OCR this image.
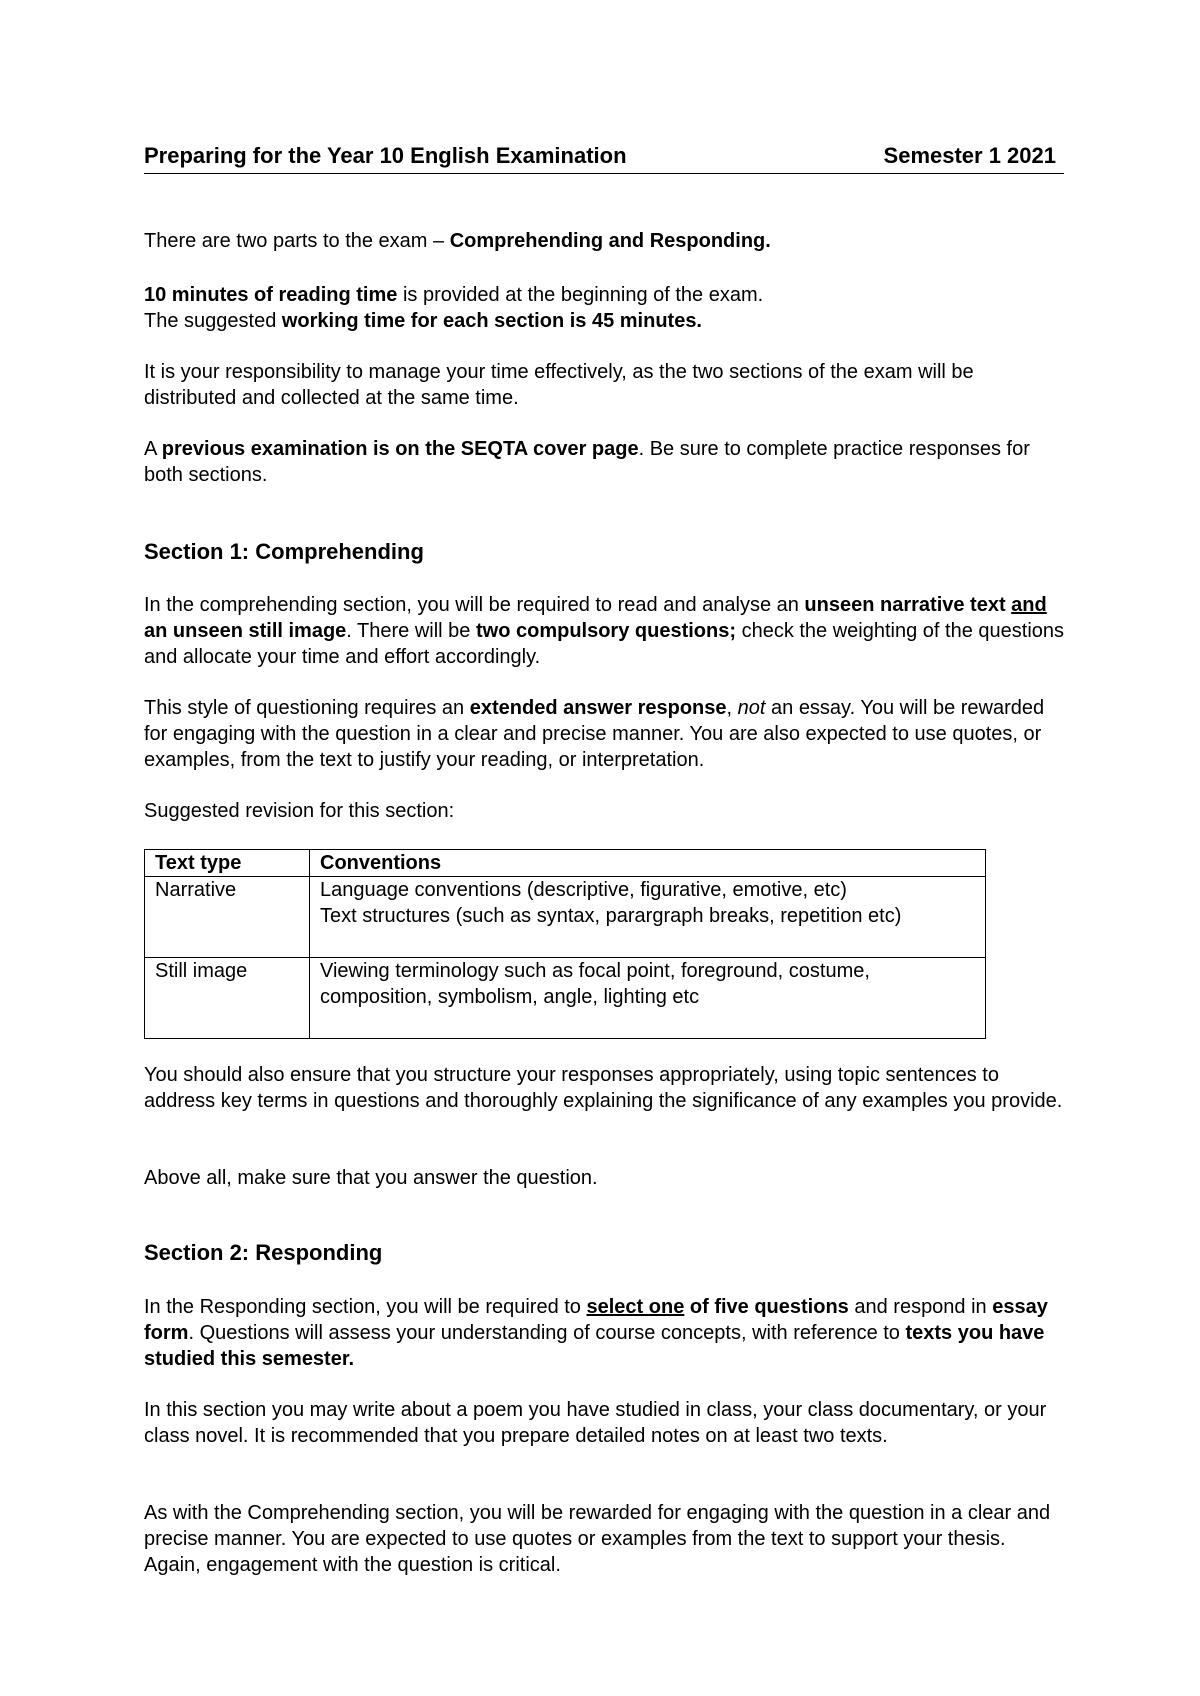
Preparing for the Year 10 English Examination	Semester 1 2021

There are two parts to the exam – Comprehending and Responding.

10 minutes of reading time is provided at the beginning of the exam.
The suggested working time for each section is 45 minutes.

It is your responsibility to manage your time effectively, as the two sections of the exam will be distributed and collected at the same time.

A previous examination is on the SEQTA cover page. Be sure to complete practice responses for both sections.

Section 1: Comprehending

In the comprehending section, you will be required to read and analyse an unseen narrative text and an unseen still image. There will be two compulsory questions; check the weighting of the questions and allocate your time and effort accordingly.

This style of questioning requires an extended answer response, not an essay. You will be rewarded for engaging with the question in a clear and precise manner. You are also expected to use quotes, or examples, from the text to justify your reading, or interpretation.

Suggested revision for this section:

Text type	Conventions
Narrative	Language conventions (descriptive, figurative, emotive, etc)
Text structures (such as syntax, parargraph breaks, repetition etc)
Still image	Viewing terminology such as focal point, foreground, costume, composition, symbolism, angle, lighting etc

You should also ensure that you structure your responses appropriately, using topic sentences to address key terms in questions and thoroughly explaining the significance of any examples you provide.

Above all, make sure that you answer the question.

Section 2: Responding

In the Responding section, you will be required to select one of five questions and respond in essay form. Questions will assess your understanding of course concepts, with reference to texts you have studied this semester.

In this section you may write about a poem you have studied in class, your class documentary, or your class novel. It is recommended that you prepare detailed notes on at least two texts.

As with the Comprehending section, you will be rewarded for engaging with the question in a clear and precise manner. You are expected to use quotes or examples from the text to support your thesis. Again, engagement with the question is critical.
